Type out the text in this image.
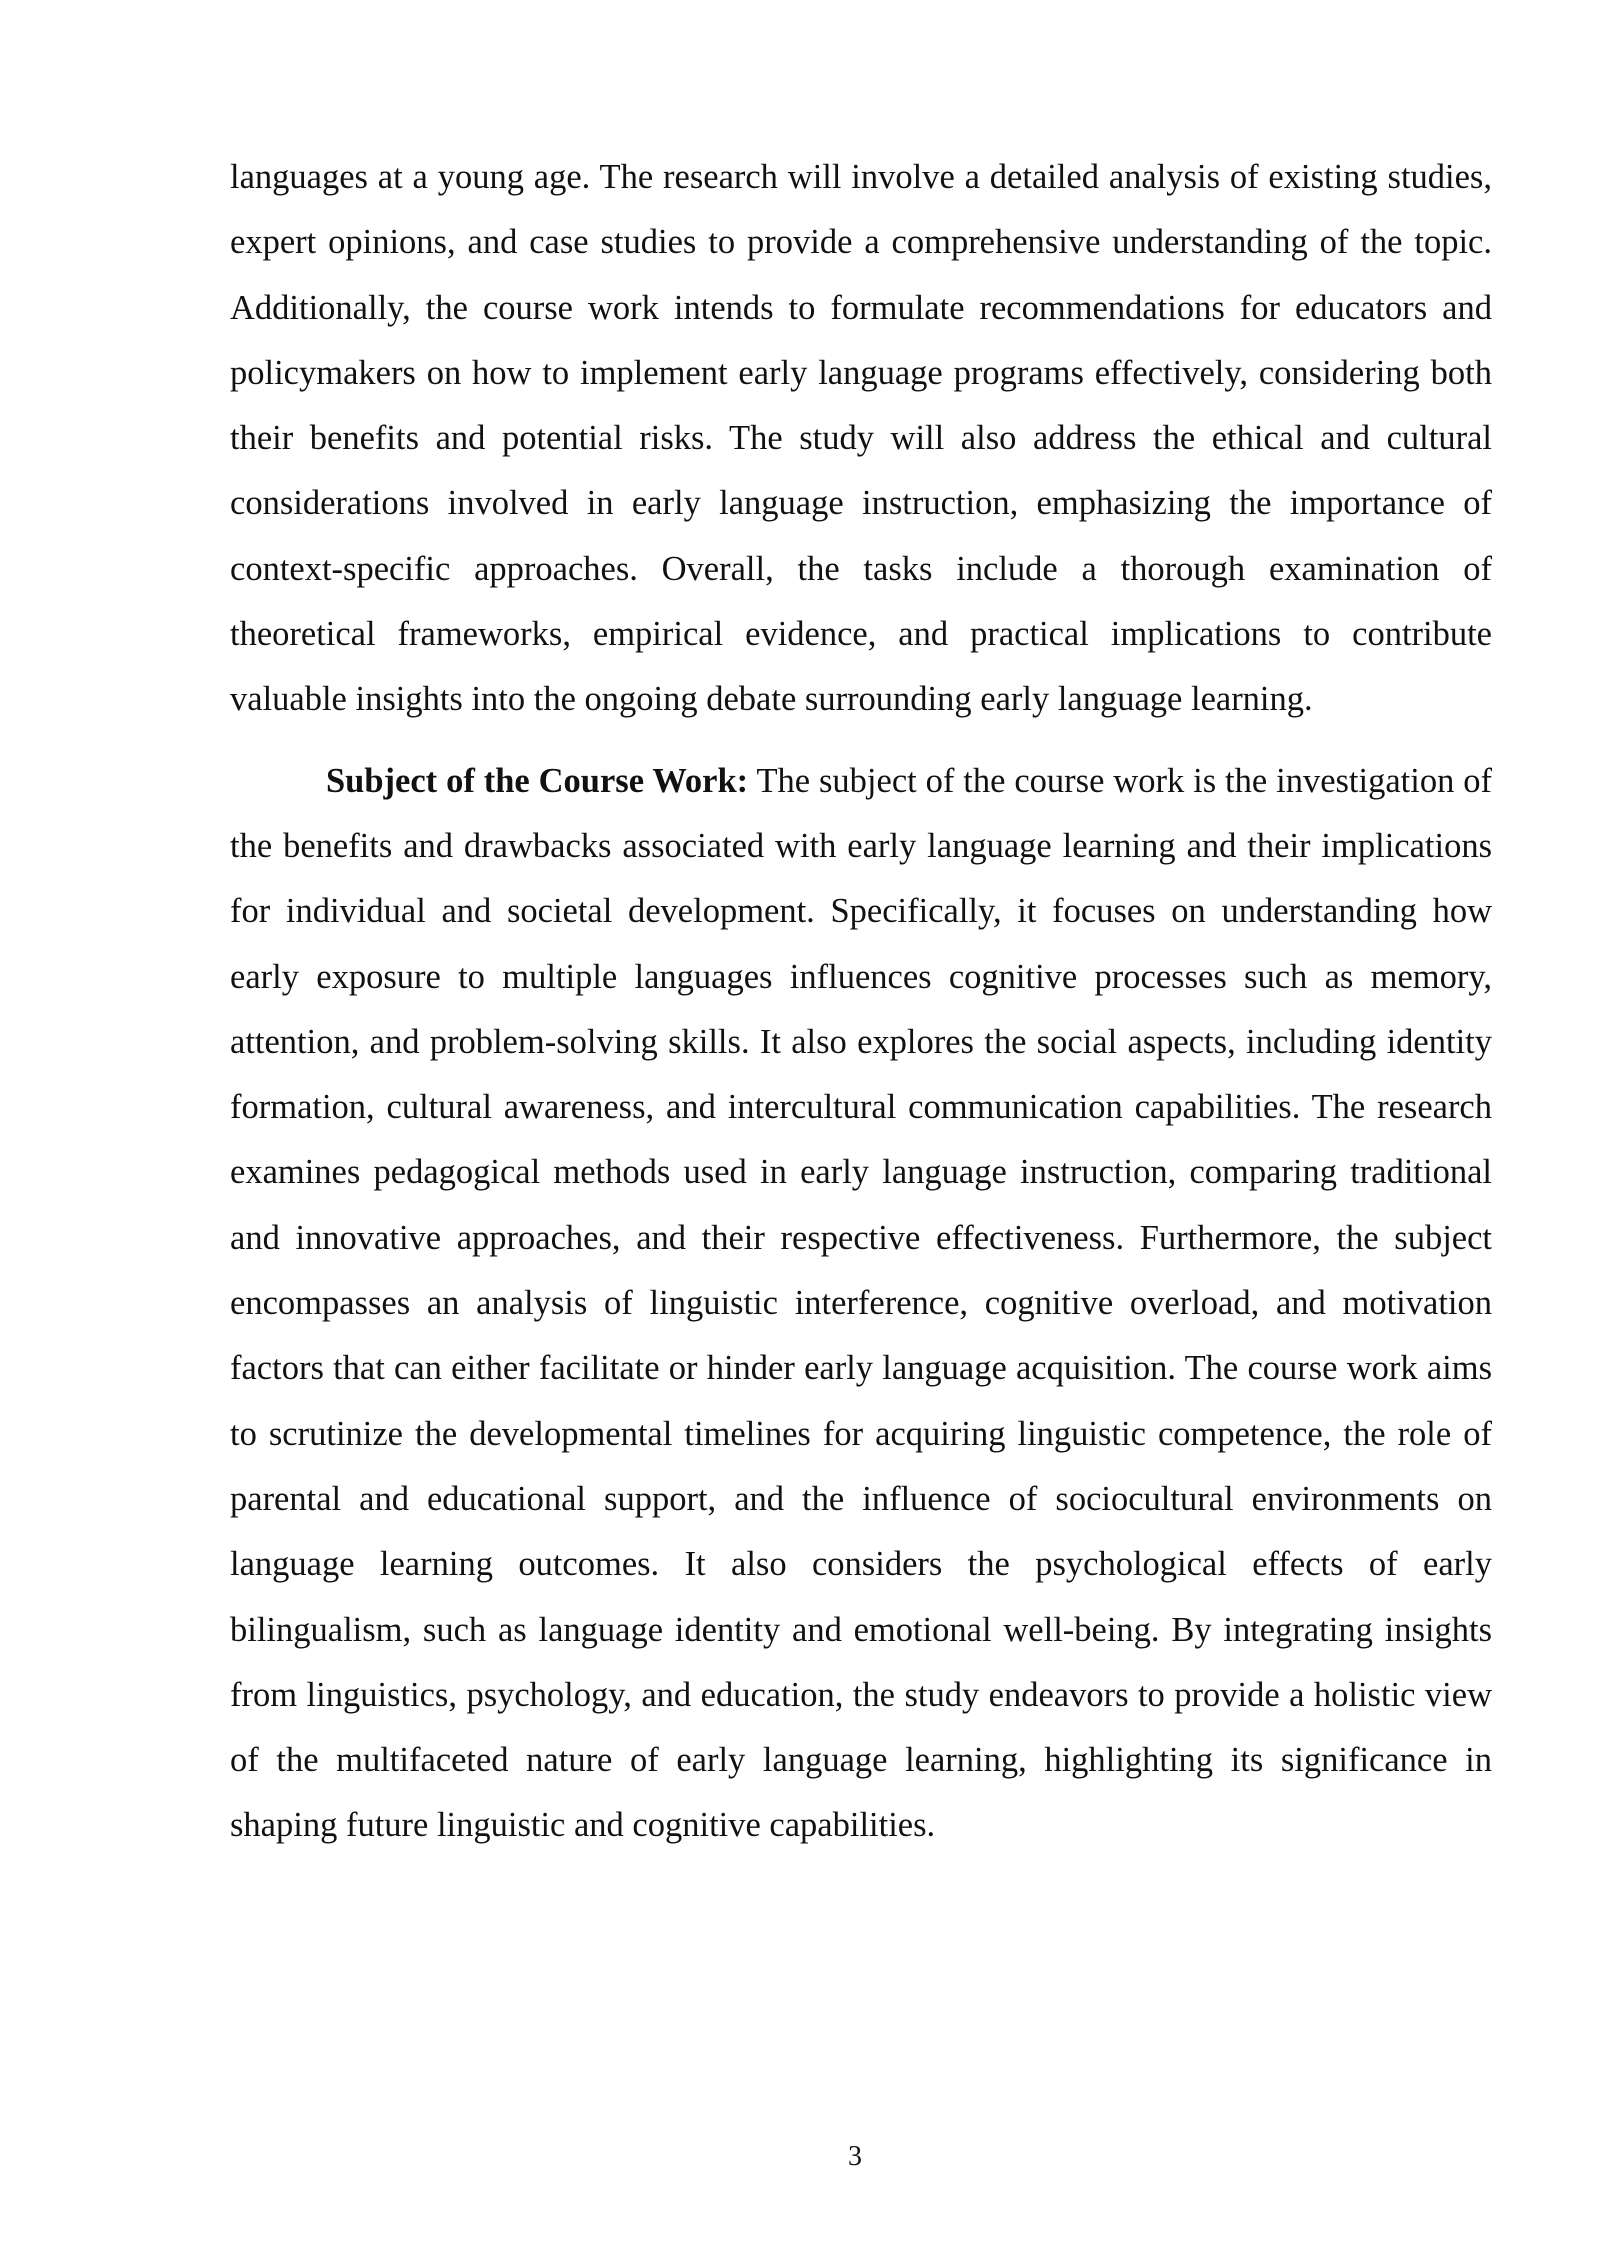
languages at a young age. The research will involve a detailed analysis of existing studies, expert opinions, and case studies to provide a comprehensive understanding of the topic. Additionally, the course work intends to formulate recommendations for educators and policymakers on how to implement early language programs effectively, considering both their benefits and potential risks. The study will also address the ethical and cultural considerations involved in early language instruction, emphasizing the importance of context-specific approaches. Overall, the tasks include a thorough examination of theoretical frameworks, empirical evidence, and practical implications to contribute valuable insights into the ongoing debate surrounding early language learning.

Subject of the Course Work: The subject of the course work is the investigation of the benefits and drawbacks associated with early language learning and their implications for individual and societal development. Specifically, it focuses on understanding how early exposure to multiple languages influences cognitive processes such as memory, attention, and problem-solving skills. It also explores the social aspects, including identity formation, cultural awareness, and intercultural communication capabilities. The research examines pedagogical methods used in early language instruction, comparing traditional and innovative approaches, and their respective effectiveness. Furthermore, the subject encompasses an analysis of linguistic interference, cognitive overload, and motivation factors that can either facilitate or hinder early language acquisition. The course work aims to scrutinize the developmental timelines for acquiring linguistic competence, the role of parental and educational support, and the influence of sociocultural environments on language learning outcomes. It also considers the psychological effects of early bilingualism, such as language identity and emotional well-being. By integrating insights from linguistics, psychology, and education, the study endeavors to provide a holistic view of the multifaceted nature of early language learning, highlighting its significance in shaping future linguistic and cognitive capabilities.

3
